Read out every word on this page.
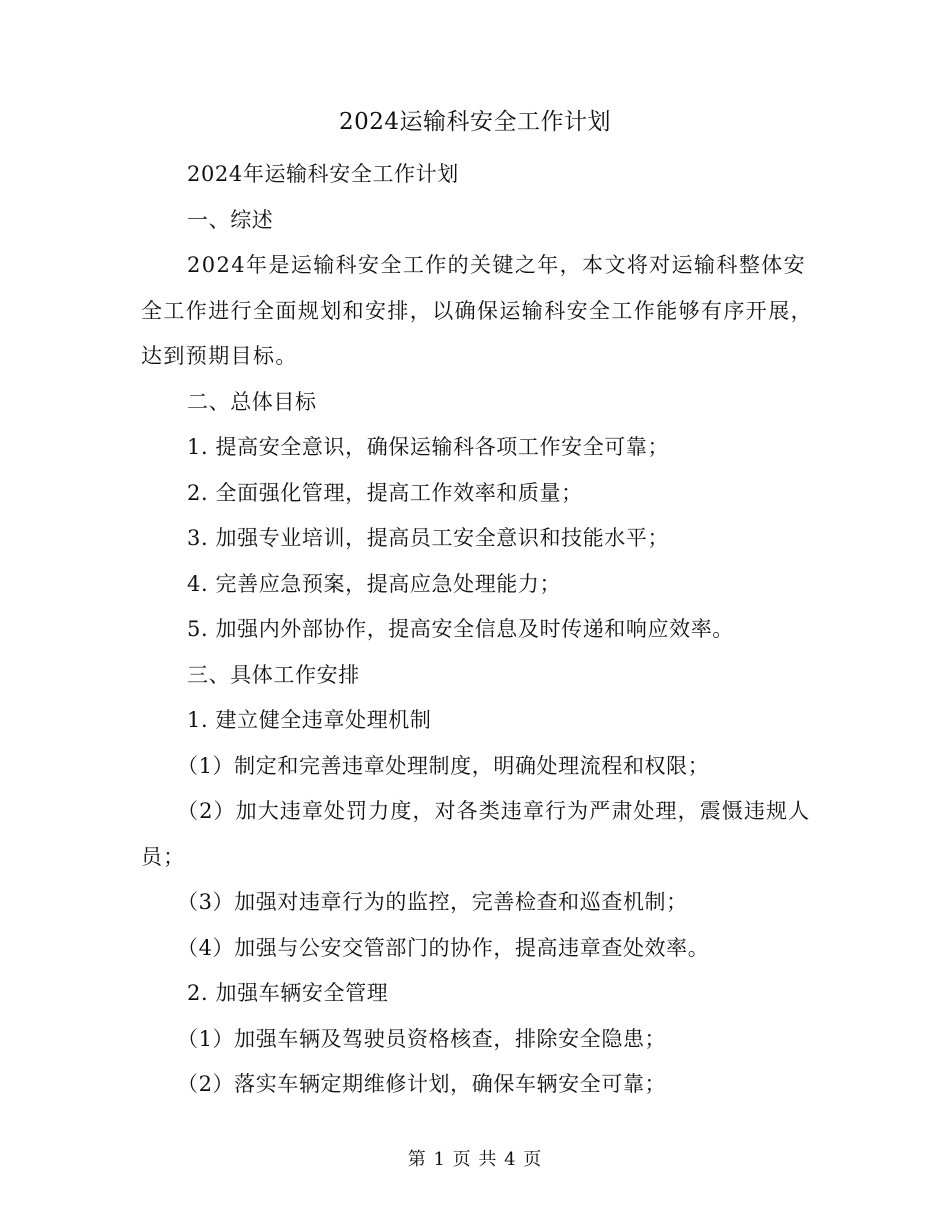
2024运输科安全工作计划

2024年运输科安全工作计划

一、综述

2024年是运输科安全工作的关键之年，本文将对运输科整体安全工作进行全面规划和安排，以确保运输科安全工作能够有序开展，达到预期目标。

二、总体目标

1. 提高安全意识，确保运输科各项工作安全可靠；

2. 全面强化管理，提高工作效率和质量；

3. 加强专业培训，提高员工安全意识和技能水平；

4. 完善应急预案，提高应急处理能力；

5. 加强内外部协作，提高安全信息及时传递和响应效率。

三、具体工作安排

1. 建立健全违章处理机制

（1）制定和完善违章处理制度，明确处理流程和权限；

（2）加大违章处罚力度，对各类违章行为严肃处理，震慑违规人员；

（3）加强对违章行为的监控，完善检查和巡查机制；

（4）加强与公安交管部门的协作，提高违章查处效率。

2. 加强车辆安全管理

（1）加强车辆及驾驶员资格核查，排除安全隐患；

（2）落实车辆定期维修计划，确保车辆安全可靠；

第 1 页 共 4 页
